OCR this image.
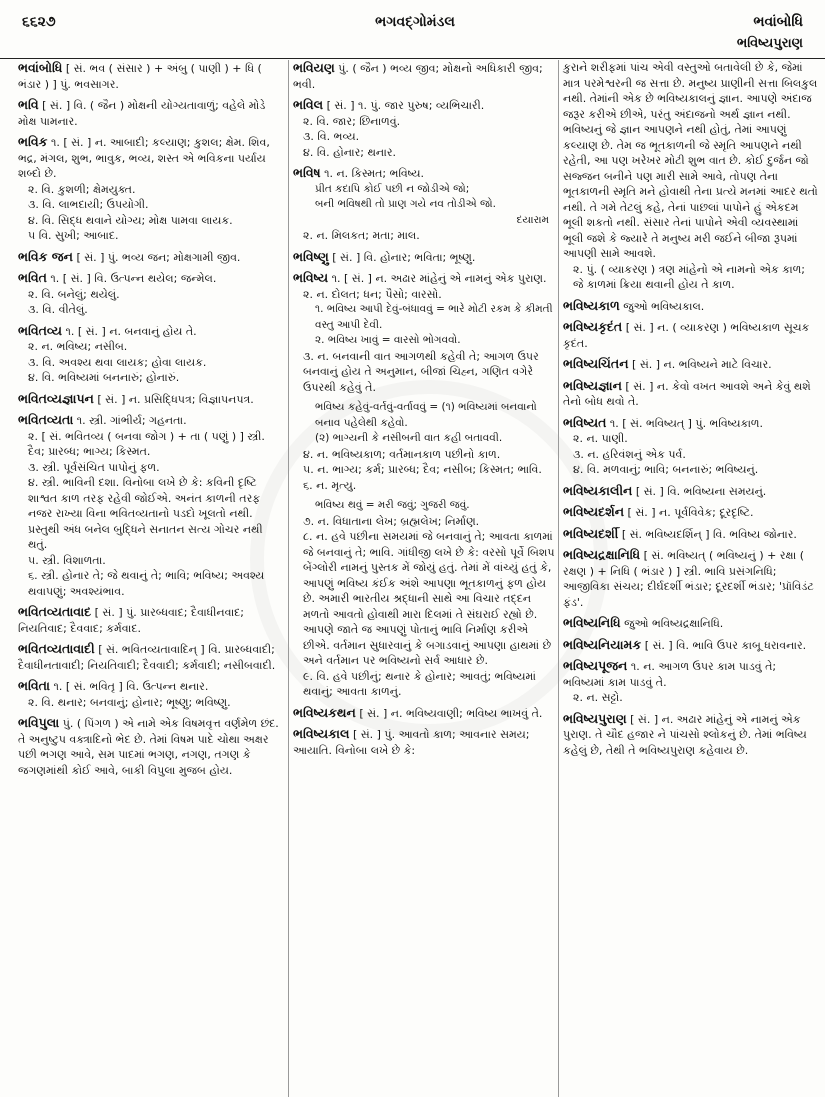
૬૬૨૭	ભગવદ્ગોમંડલ	ભવાંબોધિ
ભવિષ્યપુરાણ
ભવાંબોધિ [ સં. ભવ ( સંસાર ) + અંબુ ( પાણી ) + ધિ ( ભંડાર ) ] પું. ભવસાગર.
ભવિ [ સં. ] વિ. ( જૈન ) મોક્ષની યોગ્યતાવાળું; વહેલે મોડે મોક્ષ પામનાર.
ભવિક ૧. [ સં. ] ન. આબાદી; કલ્યાણ; કુશલ; ક્ષેમ. શિવ, ભદ્ર, મંગલ, શુભ, ભાવુક, ભવ્ય, શસ્ત એ ભવિકના પર્યાય શબ્દો છે.
૨. વિ. કુશળી; ક્ષેમયુક્ત.
૩. વિ. લાભદાયી; ઉપયોગી.
૪. વિ. સિદ્ધ થવાને યોગ્ય; મોક્ષ પામવા લાયક.
૫ વિ. સુખી; આબાદ.
ભવિક જન [ સં. ] પું. ભવ્ય જન; મોક્ષગામી જીવ.
ભવિત ૧. [ સં. ] વિ. ઉત્પન્ન થયેલ; જન્મેલ.
૨. વિ. બનેલું; થયેલું.
૩. વિ. વીતેલું.
ભવિતવ્ય ૧. [ સં. ] ન. બનવાનું હોય તે.
૨. ન. ભવિષ્ય; નસીબ.
૩. વિ. અવશ્ય થવા લાયક; હોવા લાયક.
૪. વિ. ભવિષ્યમાં બનનારું; હોનારું.
ભવિતવ્યજ્ઞાપન [ સં. ] ન. પ્રસિદ્ધિપત્ર; વિજ્ઞાપનપત્ર.
ભવિતવ્યતા ૧. સ્ત્રી. ગાંભીર્ય; ગહનતા.
૨. [ સં. ભવિતવ્ય ( બનવા જોગ ) + તા ( પણું ) ] સ્ત્રી. દૈવ; પ્રારબ્ધ; ભાગ્ય; કિસ્મત.
૩. સ્ત્રી. પૂર્વસંચિત પાપોનું ફળ.
૪. સ્ત્રી. ભાવિની દશા. વિનોબા લખે છે કે: કવિની દૃષ્ટિ શાશ્વત કાળ તરફ રહેવી જોઈએ. અનંત કાળની તરફ નજર રાખ્યા વિના ભવિતવ્યતાનો પડદો ખૂલતો નથી. પ્રસ્તુથી અંધ બનેલ બુદ્ધિને સનાતન સત્ય ગોચર નથી થતું.
૫. સ્ત્રી. વિશાળતા.
૬. સ્ત્રી. હોનાર તે; જે થવાનું તે; ભાવિ; ભવિષ્ય; અવશ્ય થવાપણું; અવશ્યંભાવ.
ભવિતવ્યતાવાદ [ સં. ] પું. પ્રારબ્ધવાદ; દૈવાધીનવાદ; નિયતિવાદ; દૈવવાદ; કર્મવાદ.
ભવિતવ્યતાવાદી [ સં. ભવિતવ્યતાવાદિન્ ] વિ. પ્રારબ્ધવાદી; દૈવાધીનતાવાદી; નિયતિવાદી; દૈવવાદી; કર્મવાદી; નસીબવાદી.
ભવિતા ૧. [ સં. ભવિતૃ ] વિ. ઉત્પન્ન થનાર.
૨. વિ. થનાર; બનવાનું; હોનાર; ભૂષ્ણુ; ભવિષ્ણુ.
ભવિપુલા પું. ( પિંગળ ) એ નામે એક વિષમવૃત્ત વર્ણમેળ છંદ. તે અનુષ્ટુપ વક્ત્રાદિનો ભેદ છે. તેમાં વિષમ પાદે ચોથા અક્ષર પછી ભગણ આવે, સમ પાદમાં ભગણ, નગણ, તગણ કે જગણમાંથી કોઈ આવે, બાકી વિપુલા મુજબ હોય.
ભવિયણ પું. ( જૈન ) ભવ્ય જીવ; મોક્ષનો અધિકારી જીવ; ભવી.
ભવિલ [ સં. ] ૧. પું. જાર પુરુષ; વ્યભિચારી.
૨. વિ. જાર; છિનાળવું.
૩. વિ. ભવ્ય.
૪. વિ. હોનાર; થનાર.
ભવિષ ૧. ન. કિસ્મત; ભવિષ્ય.
પ્રીત કદાપિ કોઈ પછી ન જોડીએ જો;
બની ભવિષથી તો પ્રાણ ગયે નવ તોડીએ જો.
દયારામ
૨. ન. મિલકત; મતા; માલ.
ભવિષ્ણુ [ સં. ] વિ. હોનાર; ભવિતા; ભૂષ્ણુ.
ભવિષ્ય ૧. [ સં. ] ન. અઢાર માંહેનું એ નામનું એક પુરાણ.
૨. ન. દોલત; ધન; પૈસો; વારસો.
૧. ભવિષ્ય આપી દેવું-બંધાવવું = ભારે મોટી રકમ કે કીમતી વસ્તુ આપી દેવી.
૨. ભવિષ્ય ખાવું = વારસો ભોગવવો.
૩. ન. બનવાની વાત આગળથી કહેવી તે; આગળ ઉપર બનવાનું હોય તે અનુમાન, બીજાં ચિહ્ન, ગણિત વગેરે ઉપરથી કહેવું તે.
ભવિષ્ય કહેવું-વર્તવું-વર્તાવવું = (૧) ભવિષ્યમાં બનવાનો બનાવ પહેલેથી કહેવો.
(૨) ભાગ્યની કે નસીબની વાત કહી બતાવવી.
૪. ન. ભવિષ્યકાળ; વર્તમાનકાળ પછીનો કાળ.
૫. ન. ભાગ્ય; કર્મ; પ્રારબ્ધ; દૈવ; નસીબ; કિસ્મત; ભાવિ.
૬. ન. મૃત્યુ.
ભવિષ્ય થવું = મરી જવું; ગુજરી જવું.
૭. ન. વિધાતાના લેખ; બ્રહ્મલેખ; નિર્માણ.
૮. ન. હવે પછીના સમયમાં જે બનવાનું તે; આવતા કાળમાં જે બનવાનું તે; ભાવિ. ગાંધીજી લખે છે કે: વરસો પૂર્વે બિશપ બેંગ્લોરી નામનું પુસ્તક મેં જોયું હતું. તેમાં મેં વાંચ્યું હતું કે, આપણું ભવિષ્ય કંઈક અંશે આપણા ભૂતકાળનું ફળ હોય છે. અમારી ભારતીય શ્રદ્ધાની સાથે આ વિચાર તદ્દન મળતો આવતો હોવાથી મારા દિલમાં તે સંઘરાઈ રહ્યો છે. આપણે જાતે જ આપણું પોતાનું ભાવિ નિર્માણ કરીએ છીએ. વર્તમાન સુધારવાનું કે બગાડવાનું આપણા હાથમાં છે અને વર્તમાન પર ભવિષ્યનો સર્વ આધાર છે.
૯. વિ. હવે પછીનું; થનાર કે હોનાર; આવતું; ભવિષ્યમાં થવાનું; આવતા કાળનું.
ભવિષ્યકથન [ સં. ] ન. ભવિષ્યવાણી; ભવિષ્ય ભાખવું તે.
ભવિષ્યકાલ [ સં. ] પું. આવતો કાળ; આવનાર સમય; આયાતિ. વિનોબા લખે છે કે:
કુરાને શરીફમાં પાંચ એવી વસ્તુઓ બતાવેલી છે કે, જેમાં માત્ર પરમેશ્વરની જ સત્તા છે. મનુષ્ય પ્રાણીની સત્તા બિલકુલ નથી. તેમાંની એક છે ભવિષ્યકાલનું જ્ઞાન. આપણે અંદાજ જરૂર કરીએ છીએ, પરંતુ અંદાજનો અર્થ જ્ઞાન નથી. ભવિષ્યનું જે જ્ઞાન આપણને નથી હોતું, તેમાં આપણું કલ્યાણ છે. તેમ જ ભૂતકાળની જે સ્મૃતિ આપણને નથી રહેતી, આ પણ ખરેખર મોટી શુભ વાત છે. કોઈ દુર્જન જો સજ્જન બનીને પણ મારી સામે આવે, તોપણ તેના ભૂતકાળની સ્મૃતિ મને હોવાથી તેના પ્રત્યે મનમાં આદર થતો નથી. તે ગમે તેટલું કહે, તેનાં પાછલાં પાપોને હું એકદમ ભૂલી શકતો નથી. સંસાર તેનાં પાપોને એવી વ્યવસ્થામાં ભૂલી જશે કે જ્યારે તે મનુષ્ય મરી જઈને બીજા રૂપમાં આપણી સામે આવશે.
૨. પું. ( વ્યાકરણ ) ત્રણ માંહેનો એ નામનો એક કાળ; જે કાળમાં ક્રિયા થવાની હોય તે કાળ.
ભવિષ્યકાળ જુઓ ભવિષ્યકાલ.
ભવિષ્યકૃદંત [ સં. ] ન. ( વ્યાકરણ ) ભવિષ્યકાળ સૂચક કૃદંત.
ભવિષ્યચિંતન [ સં. ] ન. ભવિષ્યને માટે વિચાર.
ભવિષ્યજ્ઞાન [ સં. ] ન. કેવો વખત આવશે અને કેવું થશે તેનો બોધ થવો તે.
ભવિષ્યત ૧. [ સં. ભવિષ્યત્ ] પું. ભવિષ્યકાળ.
૨. ન. પાણી.
૩. ન. હરિવંશનું એક પર્વ.
૪. વિ. મળવાનું; ભાવિ; બનનારું; ભવિષ્યનું.
ભવિષ્યકાલીન [ સં. ] વિ. ભવિષ્યના સમયનું.
ભવિષ્યદર્શન [ સં. ] ન. પૂર્વવિવેક; દૂરદૃષ્ટિ.
ભવિષ્યદર્શી [ સં. ભવિષ્યદર્શિન્ ] વિ. ભવિષ્ય જોનાર.
ભવિષ્યદ્રક્ષાનિધિ [ સં. ભવિષ્યત્ ( ભવિષ્યનું ) + રક્ષા ( રક્ષણ ) + નિધિ ( ભંડાર ) ] સ્ત્રી. ભાવિ પ્રસંગનિધિ; આજીવિકા સંચય; દીર્ઘદર્શી ભંડાર; દૂરદર્શી ભંડાર; 'પ્રૉવિડંટ ફંડ'.
ભવિષ્યનિધિ જુઓ ભવિષ્યદ્રક્ષાનિધિ.
ભવિષ્યનિયામક [ સં. ] વિ. ભાવિ ઉપર કાબૂ ધરાવનાર.
ભવિષ્યપૂજન ૧. ન. આગળ ઉપર કામ પાડવું તે; ભવિષ્યમાં કામ પાડવું તે.
૨. ન. સટ્ટો.
ભવિષ્યપુરાણ [ સં. ] ન. અઢાર માંહેનું એ નામનું એક પુરાણ. તે ચૌદ હજાર ને પાંચસો શ્લોકનું છે. તેમાં ભવિષ્ય કહેલું છે, તેથી તે ભવિષ્યપુરાણ કહેવાય છે.
